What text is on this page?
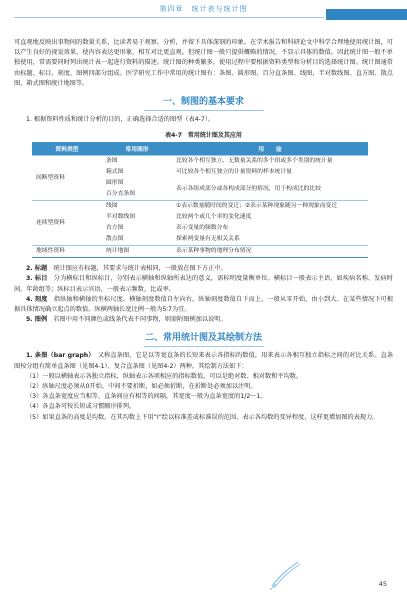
第四章　统计表与统计图	•• •• ••

可直观地反映出事物间的数量关系，比读者易于观察、分析，并留下具体深刻的印象。在学术报告和科研论文中科学合理地使用统计图，可以产生良好的视觉效果，使内容表达更形象，相互对比更直观。但统计图一般只提供概略的情况，不显示具体的数值。因此统计图一般不单独使用，常需要同时列出统计表一起进行资料的描述。统计图的种类繁多，使用过程中要根据资料类型和分析目的选择统计图。统计图通常由标题、标目、刻度、图例四部分组成。医学研究工作中常用的统计图有：条图、圆形图、百分直条图、线图、半对数线图、直方图、散点图、箱式图和统计地图等。

一、制图的基本要求

1. 根据资料性质和统计分析的目的，正确选择合适的图型（表4-7）。

表4-7　常用统计图及其应用
资料类型	常用图形	用　　途
间断型资料	条图	比较各个相互独立、无数量关系的多个组或多个类别的统计量
	箱式图	可比较各个相互独立的计量资料的样本统计量
	圆形图	表示各组成部分或各构成部分的情况，用于构成比的比较
	百分直条图	
连续型资料	线图	①表示数量随时间的变迁；②表示某种现象随另一种现象而变迁
	半对数线图	比较两个或几个率的变化速度
	直方图	表示变量的频数分布
	散点图	探索两变量有无相关关系
地域性资料	统计地图	表示某种事物的地理分布情况

2. 标题　 统计图应有标题，其要求与统计表相同，一般放在图下方正中。

3. 标目　 分为横标目和纵标目，分别表示横轴和纵轴所表达的意义，需标明度量衡单位。横标目一般表示主语，如疾病名称、发病时间、年龄组等；纵标目表示宾语，一般表示频数、比或率。

4. 刻度　 指纵轴和横轴的坐标尺度。横轴刻度数值自左向右，纵轴刻度数值自下而上，一般从零开始，由小到大。在某些情况下可根据具体情况确立起点的数值。纵横两轴长宽比例一般为5∶7为宜。

5. 图例　 若图中用不同颜色或线条代表不同事物，则需附图例加以说明。

二、常用统计图及其绘制方法

1. 条图（bar graph）　 又称直条图，它是以等宽直条的长短来表示各指标的数值，用来表示各相互独立指标之间的对比关系。直条图按分组有简单直条图（见图4-1）、复合直条图（见图4-2）两种。其绘制方法如下：

（1）一般以横轴表示各独立指标，纵轴表示各项相应的指标数值，可以是绝对数、相对数和平均数。

（2）纵轴尺度必须从0开始，中间不要折断，如必须折断，在折断处必须加以注明。

（3）各直条宽度应当相等，直条间应有相等的间隔，其宽度一般为直条宽度的1/2～1。

（4）各直条可按长短或习惯顺序排列。

（5）如果直条的高度是均数，在其均数上下用“I”绘以标准差或标准误的范围，表示各均数的变异程度，这样更增加图的表现力。

45
